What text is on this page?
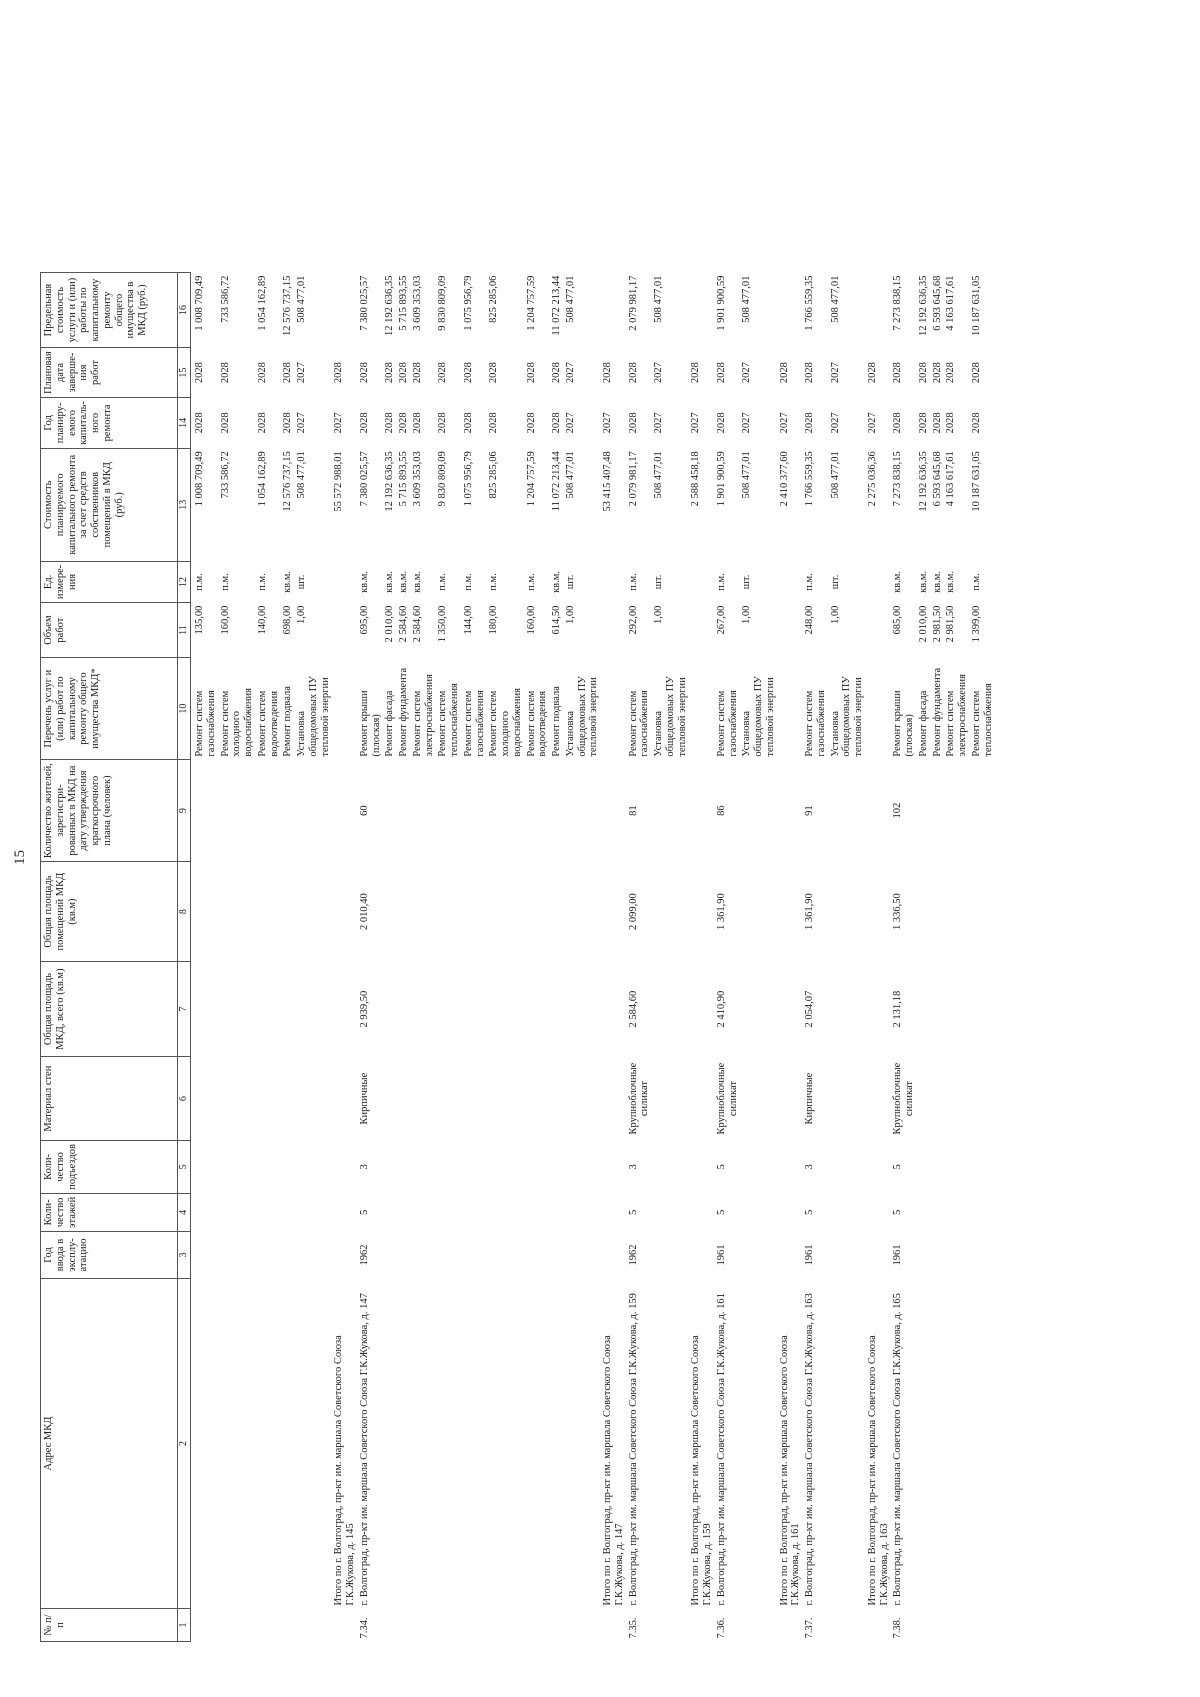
15
№ п/п	Адрес МКД	Год ввода в эксплу-атацию	Коли-чество этажей	Коли-чество подъездов	Материал стен	Общая площадь МКД, всего (кв.м)	Общая площадь помещений МКД (кв.м)	Количество жителей, зарегистри-рованных в МКД на дату утверждения краткосрочного плана (человек)	Перечень услуг и (или) работ по капитальному ремонту общего имущества МКД*	Объем работ	Ед. измере-ния	Стоимость планируемого капитального ремонта за счет средств собственников помещений в МКД (руб.)	Год планиру-емого капиталь-ного ремонта	Плановая дата заверше-ния работ	Предельная стоимость услуги и (или) работы по капитальному ремонту общего имущества в МКД (руб.)
1	2	3	4	5	6	7	8	9	10	11	12	13	14	15	16
									Ремонт систем газоснабжения	135,00	п.м.	1 008 709,49	2028	2028	1 008 709,49
									Ремонт систем холодного водоснабжения	160,00	п.м.	733 586,72	2028	2028	733 586,72
									Ремонт систем водоотведения	140,00	п.м.	1 054 162,89	2028	2028	1 054 162,89
									Ремонт подвала	698,00	кв.м.	12 576 737,15	2028	2028	12 576 737,15
									Установка общедомовых ПУ тепловой энергии	1,00	шт.	508 477,01	2027	2027	508 477,01
	Итого по г. Волгоград, пр-кт им. маршала Советского Союза Г.К.Жукова, д. 145											55 572 988,01	2027	2028	
7.34.	г. Волгоград, пр-кт им. маршала Советского Союза Г.К.Жукова, д. 147	1962	5	3	Кирпичные	2 939,50	2 010,40	60	Ремонт крыши (плоская)	695,00	кв.м.	7 380 025,57	2028	2028	7 380 025,57
									Ремонт фасада	2 010,00	кв.м.	12 192 636,35	2028	2028	12 192 636,35
									Ремонт фундамента	2 584,60	кв.м.	5 715 893,55	2028	2028	5 715 893,55
									Ремонт систем электроснабжения	2 584,60	кв.м.	3 609 353,03	2028	2028	3 609 353,03
									Ремонт систем теплоснабжения	1 350,00	п.м.	9 830 809,09	2028	2028	9 830 809,09
									Ремонт систем газоснабжения	144,00	п.м.	1 075 956,79	2028	2028	1 075 956,79
									Ремонт систем холодного водоснабжения	180,00	п.м.	825 285,06	2028	2028	825 285,06
									Ремонт систем водоотведения	160,00	п.м.	1 204 757,59	2028	2028	1 204 757,59
									Ремонт подвала	614,50	кв.м.	11 072 213,44	2028	2028	11 072 213,44
									Установка общедомовых ПУ тепловой энергии	1,00	шт.	508 477,01	2027	2027	508 477,01
	Итого по г. Волгоград, пр-кт им. маршала Советского Союза Г.К.Жукова, д. 147											53 415 407,48	2027	2028	
7.35.	г. Волгоград, пр-кт им. маршала Советского Союза Г.К.Жукова, д. 159	1962	5	3	Крупноблочные силикат	2 584,60	2 099,00	81	Ремонт систем газоснабжения	292,00	п.м.	2 079 981,17	2028	2028	2 079 981,17
									Установка общедомовых ПУ тепловой энергии	1,00	шт.	508 477,01	2027	2027	508 477,01
	Итого по г. Волгоград, пр-кт им. маршала Советского Союза Г.К.Жукова, д. 159											2 588 458,18	2027	2028	
7.36.	г. Волгоград, пр-кт им. маршала Советского Союза Г.К.Жукова, д. 161	1961	5	5	Крупноблочные силикат	2 410,90	1 361,90	86	Ремонт систем газоснабжения	267,00	п.м.	1 901 900,59	2028	2028	1 901 900,59
									Установка общедомовых ПУ тепловой энергии	1,00	шт.	508 477,01	2027	2027	508 477,01
	Итого по г. Волгоград, пр-кт им. маршала Советского Союза Г.К.Жукова, д. 161											2 410 377,60	2027	2028	
7.37.	г. Волгоград, пр-кт им. маршала Советского Союза Г.К.Жукова, д. 163	1961	5	3	Кирпичные	2 054,07	1 361,90	91	Ремонт систем газоснабжения	248,00	п.м.	1 766 559,35	2028	2028	1 766 559,35
									Установка общедомовых ПУ тепловой энергии	1,00	шт.	508 477,01	2027	2027	508 477,01
	Итого по г. Волгоград, пр-кт им. маршала Советского Союза Г.К.Жукова, д. 163											2 275 036,36	2027	2028	
7.38.	г. Волгоград, пр-кт им. маршала Советского Союза Г.К.Жукова, д. 165	1961	5	5	Крупноблочные силикат	2 131,18	1 336,50	102	Ремонт крыши (плоская)	685,00	кв.м.	7 273 838,15	2028	2028	7 273 838,15
									Ремонт фасада	2 010,00	кв.м.	12 192 636,35	2028	2028	12 192 636,35
									Ремонт фундамента	2 981,50	кв.м.	6 593 645,68	2028	2028	6 593 645,68
									Ремонт систем электроснабжения	2 981,50	кв.м.	4 163 617,61	2028	2028	4 163 617,61
									Ремонт систем теплоснабжения	1 399,00	п.м.	10 187 631,05	2028	2028	10 187 631,05
